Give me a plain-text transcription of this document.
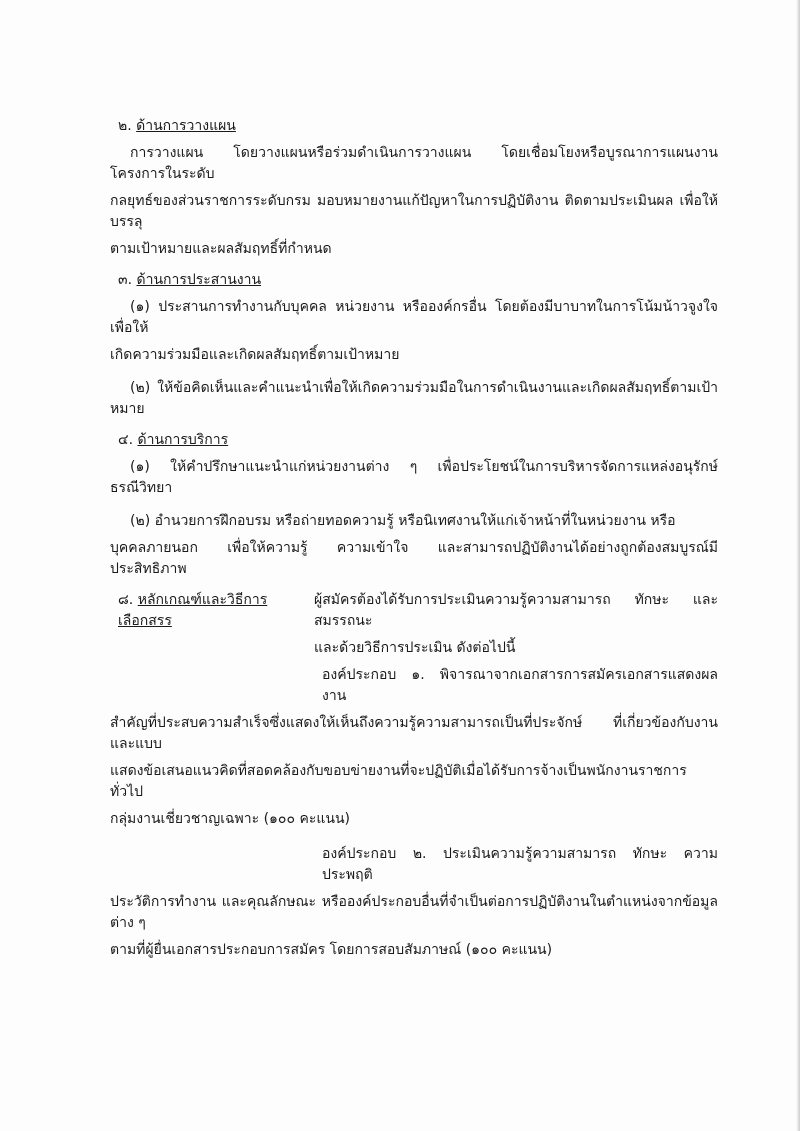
๒. ด้านการวางแผน
การวางแผน โดยวางแผนหรือร่วมดำเนินการวางแผน โดยเชื่อมโยงหรือบูรณาการแผนงานโครงการในระดับ
กลยุทธ์ของส่วนราชการระดับกรม มอบหมายงานแก้ปัญหาในการปฏิบัติงาน ติดตามประเมินผล เพื่อให้บรรลุ
ตามเป้าหมายและผลสัมฤทธิ์ที่กำหนด
๓. ด้านการประสานงาน
(๑) ประสานการทำงานกับบุคคล หน่วยงาน หรือองค์กรอื่น โดยต้องมีบาบาทในการโน้มน้าวจูงใจ เพื่อให้
เกิดความร่วมมือและเกิดผลสัมฤทธิ์ตามเป้าหมาย
(๒) ให้ข้อคิดเห็นและคำแนะนำเพื่อให้เกิดความร่วมมือในการดำเนินงานและเกิดผลสัมฤทธิ์ตามเป้าหมาย
๔. ด้านการบริการ
(๑) ให้คำปรึกษาแนะนำแก่หน่วยงานต่าง ๆ เพื่อประโยชน์ในการบริหารจัดการแหล่งอนุรักษ์ธรณีวิทยา
(๒) อำนวยการฝึกอบรม หรือถ่ายทอดความรู้ หรือนิเทศงานให้แก่เจ้าหน้าที่ในหน่วยงาน หรือ
บุคคลภายนอก เพื่อให้ความรู้ ความเข้าใจ และสามารถปฏิบัติงานได้อย่างถูกต้องสมบูรณ์มีประสิทธิภาพ
๘. หลักเกณฑ์และวิธีการเลือกสรร
ผู้สมัครต้องได้รับการประเมินความรู้ความสามารถ ทักษะ และสมรรถนะ
และด้วยวิธีการประเมิน ดังต่อไปนี้
องค์ประกอบ ๑. พิจารณาจากเอกสารการสมัครเอกสารแสดงผลงาน
สำคัญที่ประสบความสำเร็จซึ่งแสดงให้เห็นถึงความรู้ความสามารถเป็นที่ประจักษ์ ที่เกี่ยวข้องกับงาน และแบบ
แสดงข้อเสนอแนวคิดที่สอดคล้องกับขอบข่ายงานที่จะปฏิบัติเมื่อได้รับการจ้างเป็นพนักงานราชการทั่วไป
กลุ่มงานเชี่ยวชาญเฉพาะ (๑๐๐ คะแนน)
องค์ประกอบ ๒. ประเมินความรู้ความสามารถ ทักษะ ความประพฤติ
ประวัติการทำงาน และคุณลักษณะ หรือองค์ประกอบอื่นที่จำเป็นต่อการปฏิบัติงานในตำแหน่งจากข้อมูลต่าง ๆ
ตามที่ผู้ยื่นเอกสารประกอบการสมัคร โดยการสอบสัมภาษณ์ (๑๐๐ คะแนน)
